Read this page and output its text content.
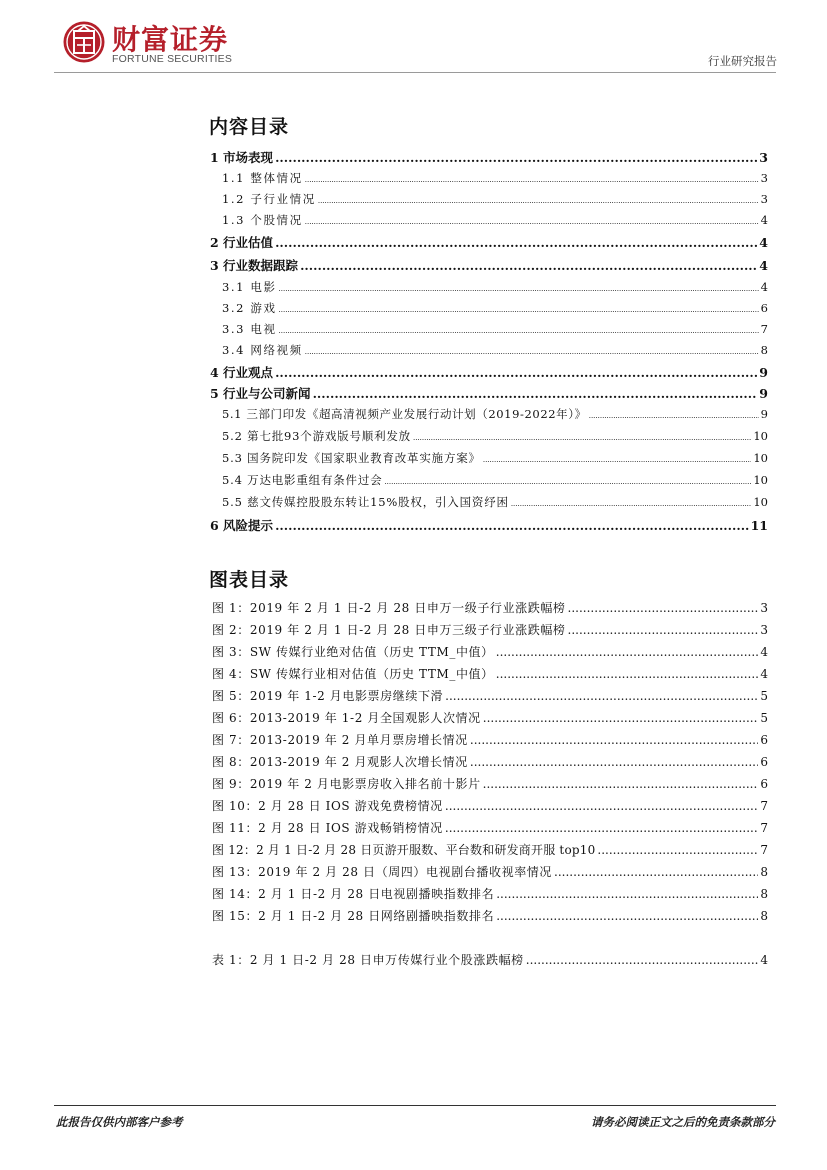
财富证券
FORTUNE SECURITIES	行业研究报告
内容目录
1 市场表现 .....	3
1.1 整体情况 .....	3
1.2 子行业情况 .....	3
1.3 个股情况 .....	4
2 行业估值 .....	4
3 行业数据跟踪 .....	4
3.1 电影 .....	4
3.2 游戏 .....	6
3.3 电视 .....	7
3.4 网络视频 .....	8
4 行业观点 .....	9
5 行业与公司新闻 .....	9
5.1 三部门印发《超高清视频产业发展行动计划（2019-2022年）》 .....	9
5.2 第七批93个游戏版号顺利发放 .....	10
5.3 国务院印发《国家职业教育改革实施方案》 .....	10
5.4 万达电影重组有条件过会 .....	10
5.5 慈文传媒控股股东转让15%股权，引入国资纾困 .....	10
6 风险提示 .....	11
图表目录
图 1：2019 年 2 月 1 日-2 月 28 日申万一级子行业涨跌幅榜 .....	3
图 2：2019 年 2 月 1 日-2 月 28 日申万三级子行业涨跌幅榜 .....	3
图 3：SW 传媒行业绝对估值（历史 TTM_中值） .....	4
图 4：SW 传媒行业相对估值（历史 TTM_中值） .....	4
图 5：2019 年 1-2 月电影票房继续下滑 .....	5
图 6：2013-2019 年 1-2 月全国观影人次情况 .....	5
图 7：2013-2019 年 2 月单月票房增长情况 .....	6
图 8：2013-2019 年 2 月观影人次增长情况 .....	6
图 9：2019 年 2 月电影票房收入排名前十影片 .....	6
图 10：2 月 28 日 IOS 游戏免费榜情况 .....	7
图 11：2 月 28 日 IOS 游戏畅销榜情况 .....	7
图 12：2 月 1 日-2 月 28 日页游开服数、平台数和研发商开服 top10 .....	7
图 13：2019 年 2 月 28 日（周四）电视剧台播收视率情况 .....	8
图 14：2 月 1 日-2 月 28 日电视剧播映指数排名 .....	8
图 15：2 月 1 日-2 月 28 日网络剧播映指数排名 .....	8
表 1：2 月 1 日-2 月 28 日申万传媒行业个股涨跌幅榜 .....	4
此报告仅供内部客户参考	请务必阅读正文之后的免责条款部分
